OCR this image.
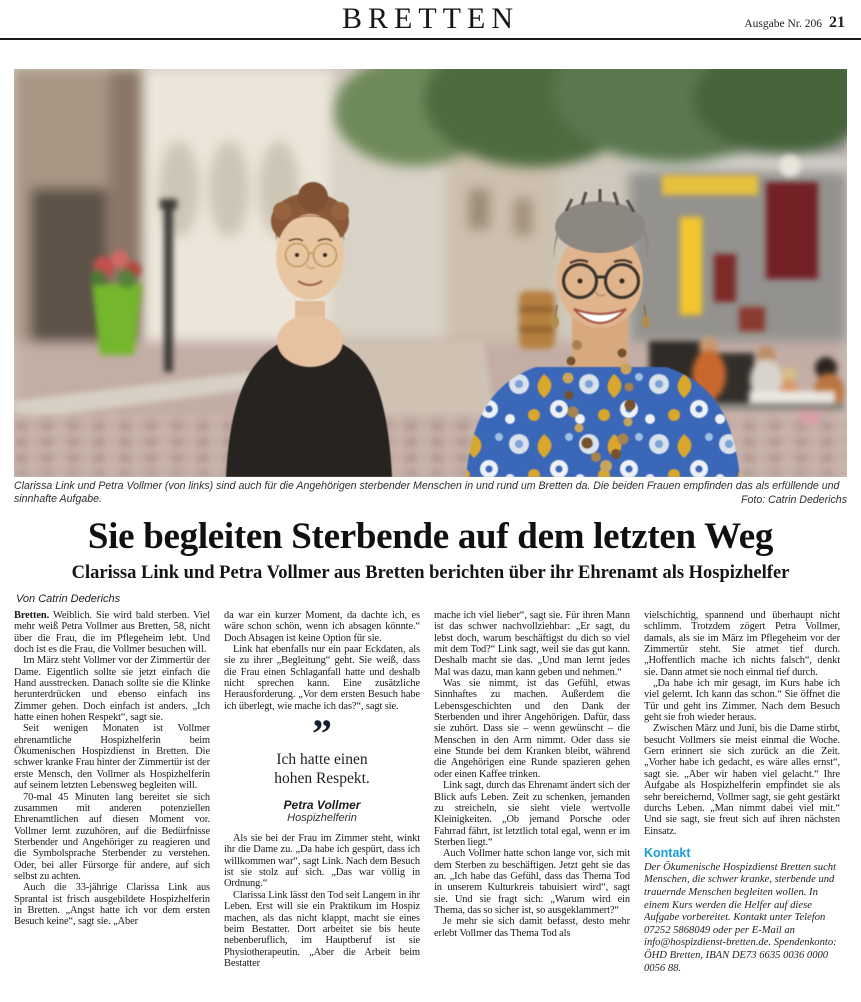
BRETTEN	Ausgabe Nr. 206 21
Clarissa Link und Petra Vollmer (von links) sind auch für die Angehörigen sterbender Menschen in und rund um Bretten da. Die beiden Frauen empfinden das als erfüllende und sinnhafte Aufgabe.	Foto: Catrin Dederichs
Sie begleiten Sterbende auf dem letzten Weg
Clarissa Link und Petra Vollmer aus Bretten berichten über ihr Ehrenamt als Hospizhelfer
Von Catrin Dederichs

Bretten. Weiblich. Sie wird bald sterben. Viel mehr weiß Petra Vollmer aus Bretten, 58, nicht über die Frau, die im Pflegeheim lebt. Und doch ist es die Frau, die Vollmer besuchen will.

Im März steht Vollmer vor der Zimmertür der Dame. Eigentlich sollte sie jetzt einfach die Hand ausstrecken. Danach sollte sie die Klinke herunterdrücken und ebenso einfach ins Zimmer gehen. Doch einfach ist anders. „Ich hatte einen hohen Respekt“, sagt sie.

Seit wenigen Monaten ist Vollmer ehrenamtliche Hospizhelferin beim Ökumenischen Hospizdienst in Bretten. Die schwer kranke Frau hinter der Zimmertür ist der erste Mensch, den Vollmer als Hospizhelferin auf seinem letzten Lebensweg begleiten will.

70-mal 45 Minuten lang bereitet sie sich zusammen mit anderen potenziellen Ehrenamtlichen auf diesen Moment vor. Vollmer lernt zuzuhören, auf die Bedürfnisse Sterbender und Angehöriger zu reagieren und die Symbolsprache Sterbender zu verstehen. Oder, bei aller Fürsorge für andere, auf sich selbst zu achten.

Auch die 33-jährige Clarissa Link aus Sprantal ist frisch ausgebildete Hospizhelferin in Bretten. „Angst hatte ich vor dem ersten Besuch keine“, sagt sie. „Aber

da war ein kurzer Moment, da dachte ich, es wäre schon schön, wenn ich absagen könnte.“ Doch Absagen ist keine Option für sie.

Link hat ebenfalls nur ein paar Eckdaten, als sie zu ihrer „Begleitung“ geht. Sie weiß, dass die Frau einen Schlaganfall hatte und deshalb nicht sprechen kann. Eine zusätzliche Herausforderung. „Vor dem ersten Besuch habe ich überlegt, wie mache ich das?“, sagt sie.

”
Ich hatte einen hohen Respekt.
Petra Vollmer
Hospizhelferin

Als sie bei der Frau im Zimmer steht, winkt ihr die Dame zu. „Da habe ich gespürt, dass ich willkommen war“, sagt Link. Nach dem Besuch ist sie stolz auf sich. „Das war völlig in Ordnung.“

Clarissa Link lässt den Tod seit Langem in ihr Leben. Erst will sie ein Praktikum im Hospiz machen, als das nicht klappt, macht sie eines beim Bestatter. Dort arbeitet sie bis heute nebenberuflich, im Hauptberuf ist sie Physiotherapeutin. „Aber die Arbeit beim Bestatter

mache ich viel lieber“, sagt sie. Für ihren Mann ist das schwer nachvollziehbar: „Er sagt, du lebst doch, warum beschäftigst du dich so viel mit dem Tod?“ Link sagt, weil sie das gut kann. Deshalb macht sie das. „Und man lernt jedes Mal was dazu, man kann geben und nehmen.“

Was sie nimmt, ist das Gefühl, etwas Sinnhaftes zu machen. Außerdem die Lebensgeschichten und den Dank der Sterbenden und ihrer Angehörigen. Dafür, dass sie zuhört. Dass sie – wenn gewünscht – die Menschen in den Arm nimmt. Oder dass sie eine Stunde bei dem Kranken bleibt, während die Angehörigen eine Runde spazieren gehen oder einen Kaffee trinken.

Link sagt, durch das Ehrenamt ändert sich der Blick aufs Leben. Zeit zu schenken, jemanden zu streicheln, sie sieht viele wertvolle Kleinigkeiten. „Ob jemand Porsche oder Fahrrad fährt, ist letztlich total egal, wenn er im Sterben liegt.“

Auch Vollmer hatte schon lange vor, sich mit dem Sterben zu beschäftigen. Jetzt geht sie das an. „Ich habe das Gefühl, dass das Thema Tod in unserem Kulturkreis tabuisiert wird“, sagt sie. Und sie fragt sich: „Warum wird ein Thema, das so sicher ist, so ausgeklammert?“

Je mehr sie sich damit befasst, desto mehr erlebt Vollmer das Thema Tod als

vielschichtig, spannend und überhaupt nicht schlimm. Trotzdem zögert Petra Vollmer, damals, als sie im März im Pflegeheim vor der Zimmertür steht. Sie atmet tief durch. „Hoffentlich mache ich nichts falsch“, denkt sie. Dann atmet sie noch einmal tief durch.

„Da habe ich mir gesagt, im Kurs habe ich viel gelernt. Ich kann das schon.“ Sie öffnet die Tür und geht ins Zimmer. Nach dem Besuch geht sie froh wieder heraus.

Zwischen März und Juni, bis die Dame stirbt, besucht Vollmers sie meist einmal die Woche. Gern erinnert sie sich zurück an die Zeit. „Vorher habe ich gedacht, es wäre alles ernst“, sagt sie. „Aber wir haben viel gelacht.“ Ihre Aufgabe als Hospizhelferin empfindet sie als sehr bereichernd, Vollmer sagt, sie geht gestärkt durchs Leben. „Man nimmt dabei viel mit.“ Und sie sagt, sie freut sich auf ihren nächsten Einsatz.

Kontakt
Der Ökumenische Hospizdienst Bretten sucht Menschen, die schwer kranke, sterbende und trauernde Menschen begleiten wollen. In einem Kurs werden die Helfer auf diese Aufgabe vorbereitet. Kontakt unter Telefon 07252 5868049 oder per E-Mail an info@hospizdienst-bretten.de. Spendenkonto: ÖHD Bretten, IBAN DE73 6635 0036 0000 0056 88.
